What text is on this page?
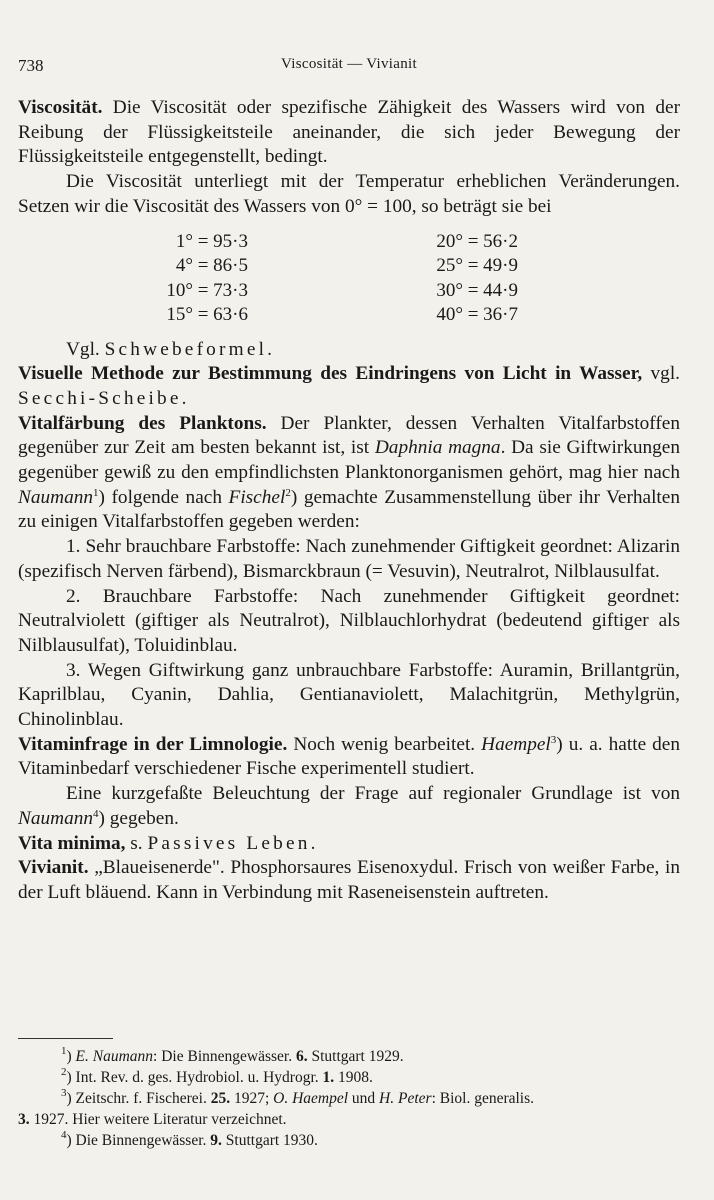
738	Viscosität — Vivianit

Viscosität. Die Viscosität oder spezifische Zähigkeit des Wassers wird von der Reibung der Flüssigkeitsteile aneinander, die sich jeder Bewegung der Flüssigkeitsteile entgegenstellt, bedingt.

Die Viscosität unterliegt mit der Temperatur erheblichen Veränderungen. Setzen wir die Viscosität des Wassers von 0° = 100, so beträgt sie bei

1° = 95·3	20° = 56·2
4° = 86·5	25° = 49·9
10° = 73·3	30° = 44·9
15° = 63·6	40° = 36·7

Vgl. Schwebeformel.

Visuelle Methode zur Bestimmung des Eindringens von Licht in Wasser, vgl. Secchi-Scheibe.

Vitalfärbung des Planktons. Der Plankter, dessen Verhalten Vitalfarbstoffen gegenüber zur Zeit am besten bekannt ist, ist Daphnia magna. Da sie Giftwirkungen gegenüber gewiß zu den empfindlichsten Planktonorganismen gehört, mag hier nach Naumann$^1$) folgende nach Fischel$^2$) gemachte Zusammenstellung über ihr Verhalten zu einigen Vitalfarbstoffen gegeben werden:

1. Sehr brauchbare Farbstoffe: Nach zunehmender Giftigkeit geordnet: Alizarin (spezifisch Nerven färbend), Bismarckbraun (= Vesuvin), Neutralrot, Nilblausulfat.

2. Brauchbare Farbstoffe: Nach zunehmender Giftigkeit geordnet: Neutralviolett (giftiger als Neutralrot), Nilblauchlorhydrat (bedeutend giftiger als Nilblausulfat), Toluidinblau.

3. Wegen Giftwirkung ganz unbrauchbare Farbstoffe: Auramin, Brillantgrün, Kaprilblau, Cyanin, Dahlia, Gentianaviolett, Malachitgrün, Methylgrün, Chinolinblau.

Vitaminfrage in der Limnologie. Noch wenig bearbeitet. Haempel$^3$) u. a. hatte den Vitaminbedarf verschiedener Fische experimentell studiert.

Eine kurzgefaßte Beleuchtung der Frage auf regionaler Grundlage ist von Naumann$^4$) gegeben.

Vita minima, s. Passives Leben.

Vivianit. „Blaueisenerde". Phosphorsaures Eisenoxydul. Frisch von weißer Farbe, in der Luft bläuend. Kann in Verbindung mit Raseneisenstein auftreten.

$^1$) E. Naumann: Die Binnengewässer. 6. Stuttgart 1929.

$^2$) Int. Rev. d. ges. Hydrobiol. u. Hydrogr. 1. 1908.

$^3$) Zeitschr. f. Fischerei. 25. 1927; O. Haempel und H. Peter: Biol. generalis.

3. 1927. Hier weitere Literatur verzeichnet.

$^4$) Die Binnengewässer. 9. Stuttgart 1930.
